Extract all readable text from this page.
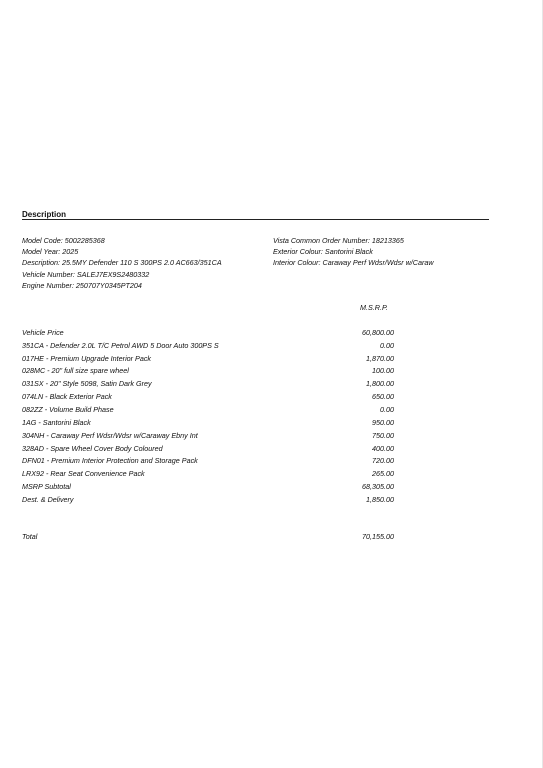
Description
Model Code: 5002285368
Model Year: 2025
Description: 25.5MY Defender 110 S 300PS 2.0 AC663/351CA
Vehicle Number: SALEJ7EX9S2480332
Engine Number: 250707Y0345PT204
Vista Common Order Number: 18213365
Exterior Colour: Santorini Black
Interior Colour: Caraway Perf Wdsr/Wdsr w/Caraw
M.S.R.P.
Vehicle Price	60,800.00
351CA - Defender 2.0L T/C Petrol AWD 5 Door Auto 300PS S	0.00
017HE - Premium Upgrade Interior Pack	1,870.00
028MC - 20" full size spare wheel	100.00
031SX - 20" Style 5098, Satin Dark Grey	1,800.00
074LN - Black Exterior Pack	650.00
082ZZ - Volume Build Phase	0.00
1AG - Santorini Black	950.00
304NH - Caraway Perf Wdsr/Wdsr w/Caraway Ebny Int	750.00
328AD - Spare Wheel Cover Body Coloured	400.00
DFN01 - Premium Interior Protection and Storage Pack	720.00
LRX92 - Rear Seat Convenience Pack	265.00
MSRP Subtotal	68,305.00
Dest. & Delivery	1,850.00
Total	70,155.00
